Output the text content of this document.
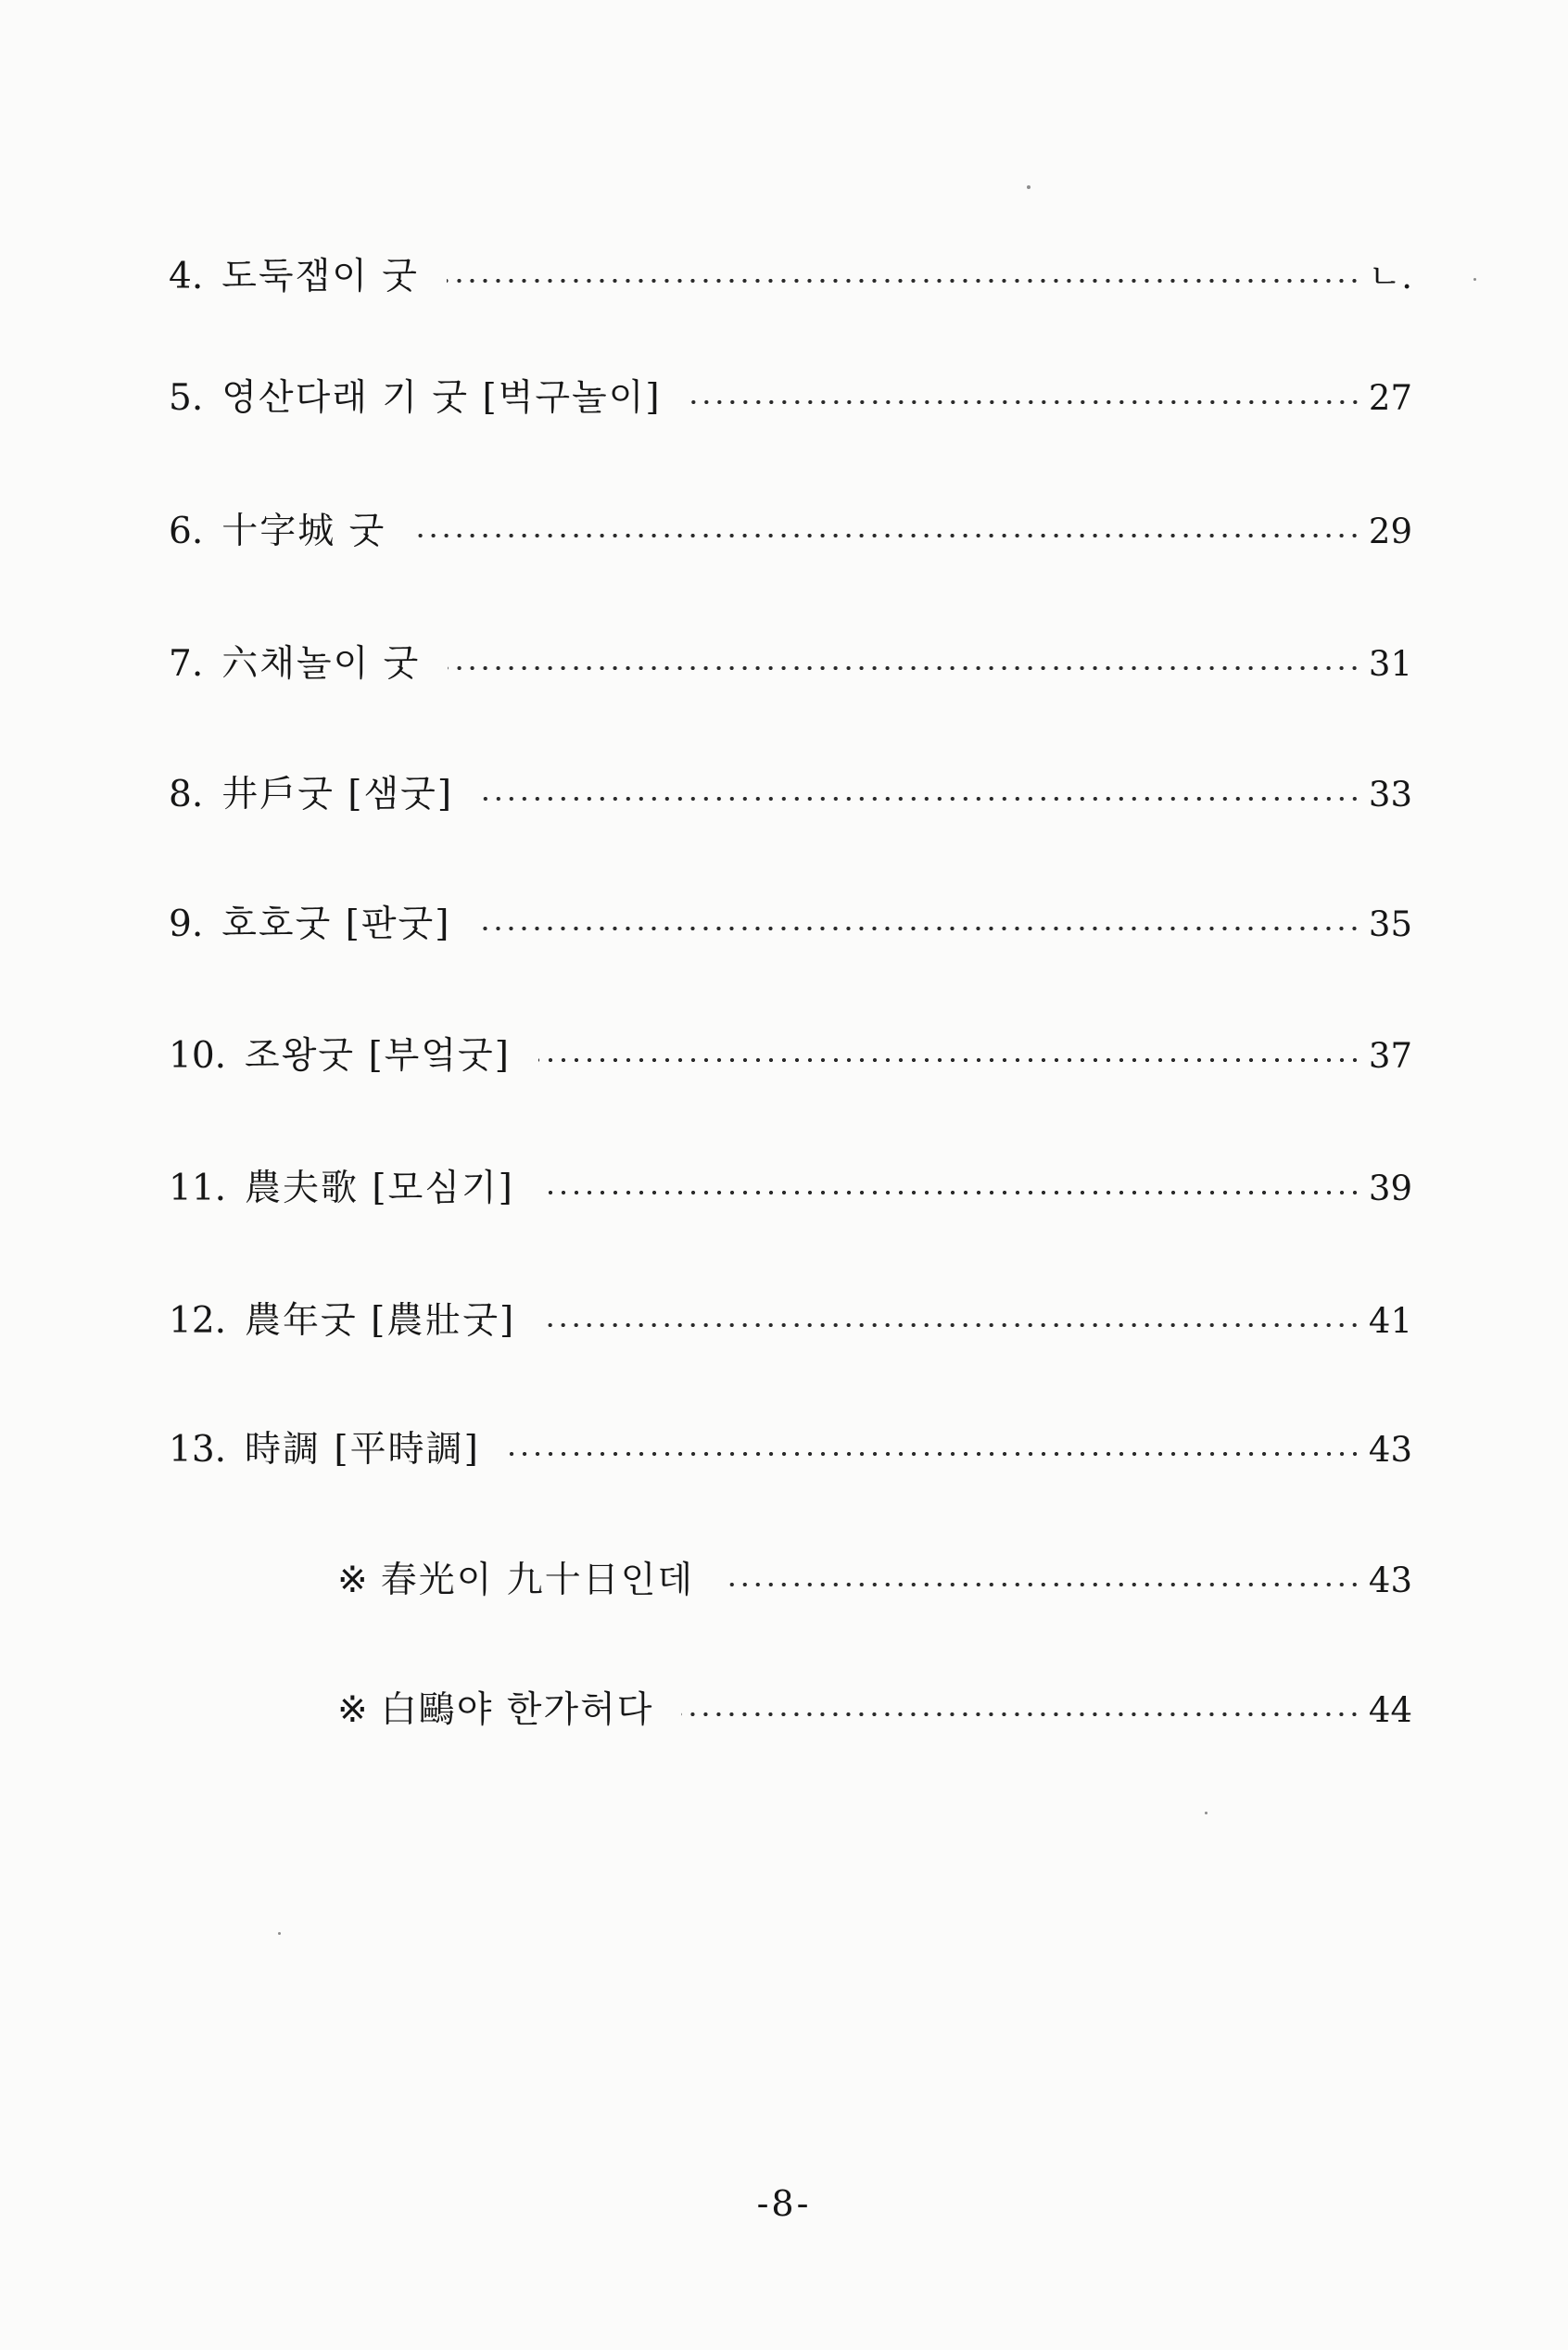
4. 도둑잽이 굿	ㄴ.
5. 영산다래 기 굿 [벅구놀이]	27
6. 十字城 굿	29
7. 六채놀이 굿	31
8. 井戶굿 [샘굿]	33
9. 호호굿 [판굿]	35
10. 조왕굿 [부엌굿]	37
11. 農夫歌 [모심기]	39
12. 農年굿 [農壯굿]	41
13. 時調 [平時調]	43
※ 春光이 九十日인데	43
※ 白鷗야 한가허다	44
-8-
